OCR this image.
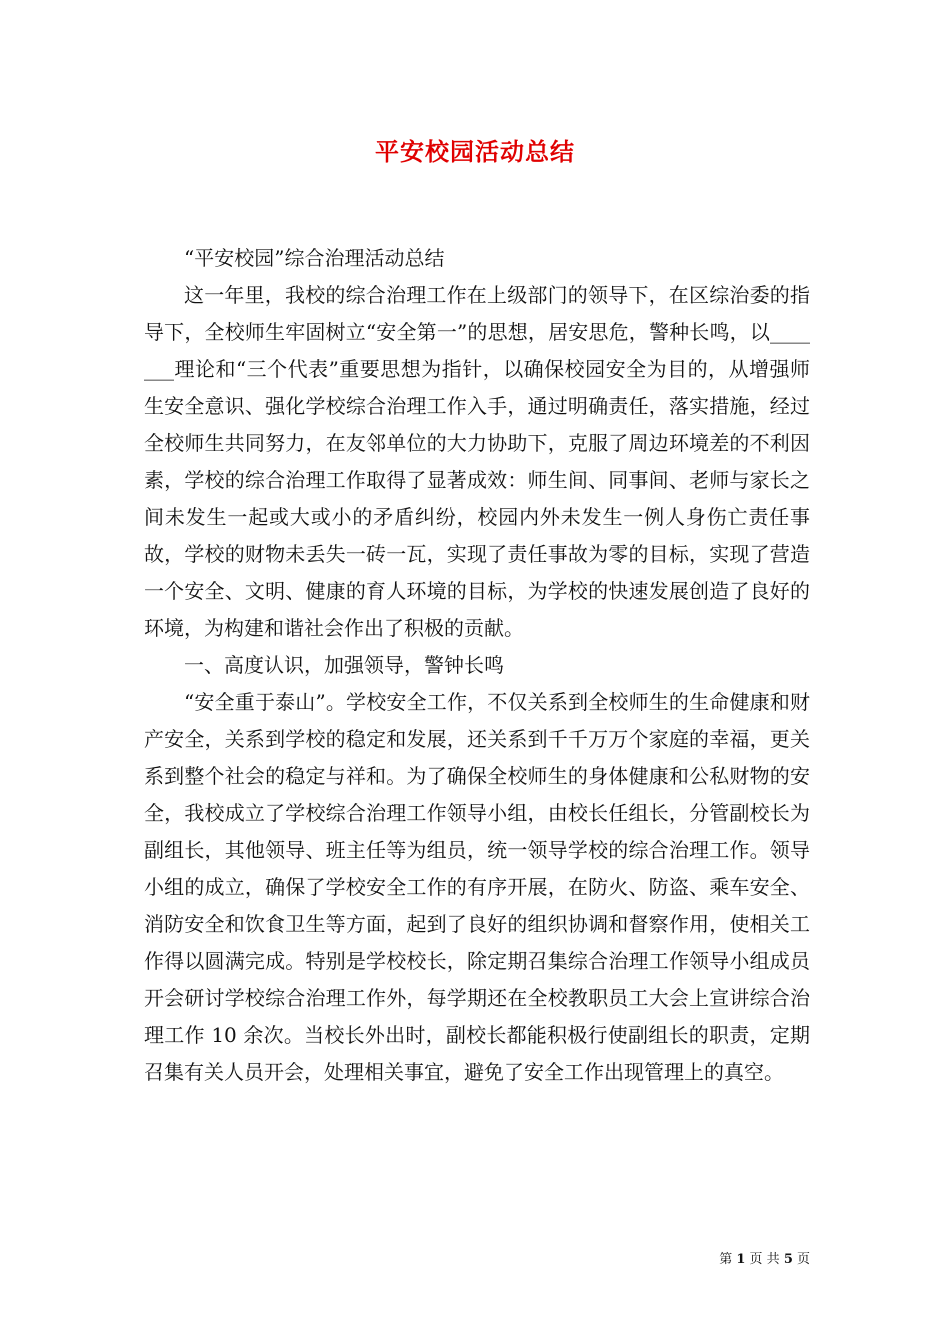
平安校园活动总结

“平安校园”综合治理活动总结

这一年里，我校的综合治理工作在上级部门的领导下，在区综治委的指导下，全校师生牢固树立“安全第一”的思想，居安思危，警种长鸣，以_______理论和“三个代表”重要思想为指针，以确保校园安全为目的，从增强师生安全意识、强化学校综合治理工作入手，通过明确责任，落实措施，经过全校师生共同努力，在友邻单位的大力协助下，克服了周边环境差的不利因素，学校的综合治理工作取得了显著成效：师生间、同事间、老师与家长之间未发生一起或大或小的矛盾纠纷，校园内外未发生一例人身伤亡责任事故，学校的财物未丢失一砖一瓦，实现了责任事故为零的目标，实现了营造一个安全、文明、健康的育人环境的目标，为学校的快速发展创造了良好的环境，为构建和谐社会作出了积极的贡献。

一、高度认识，加强领导，警钟长鸣

“安全重于泰山”。学校安全工作，不仅关系到全校师生的生命健康和财产安全，关系到学校的稳定和发展，还关系到千千万万个家庭的幸福，更关系到整个社会的稳定与祥和。为了确保全校师生的身体健康和公私财物的安全，我校成立了学校综合治理工作领导小组，由校长任组长，分管副校长为副组长，其他领导、班主任等为组员，统一领导学校的综合治理工作。领导小组的成立，确保了学校安全工作的有序开展，在防火、防盗、乘车安全、消防安全和饮食卫生等方面，起到了良好的组织协调和督察作用，使相关工作得以圆满完成。特别是学校校长，除定期召集综合治理工作领导小组成员开会研讨学校综合治理工作外，每学期还在全校教职员工大会上宣讲综合治理工作 10 余次。当校长外出时，副校长都能积极行使副组长的职责，定期召集有关人员开会，处理相关事宜，避免了安全工作出现管理上的真空。

第 1 页 共 5 页
